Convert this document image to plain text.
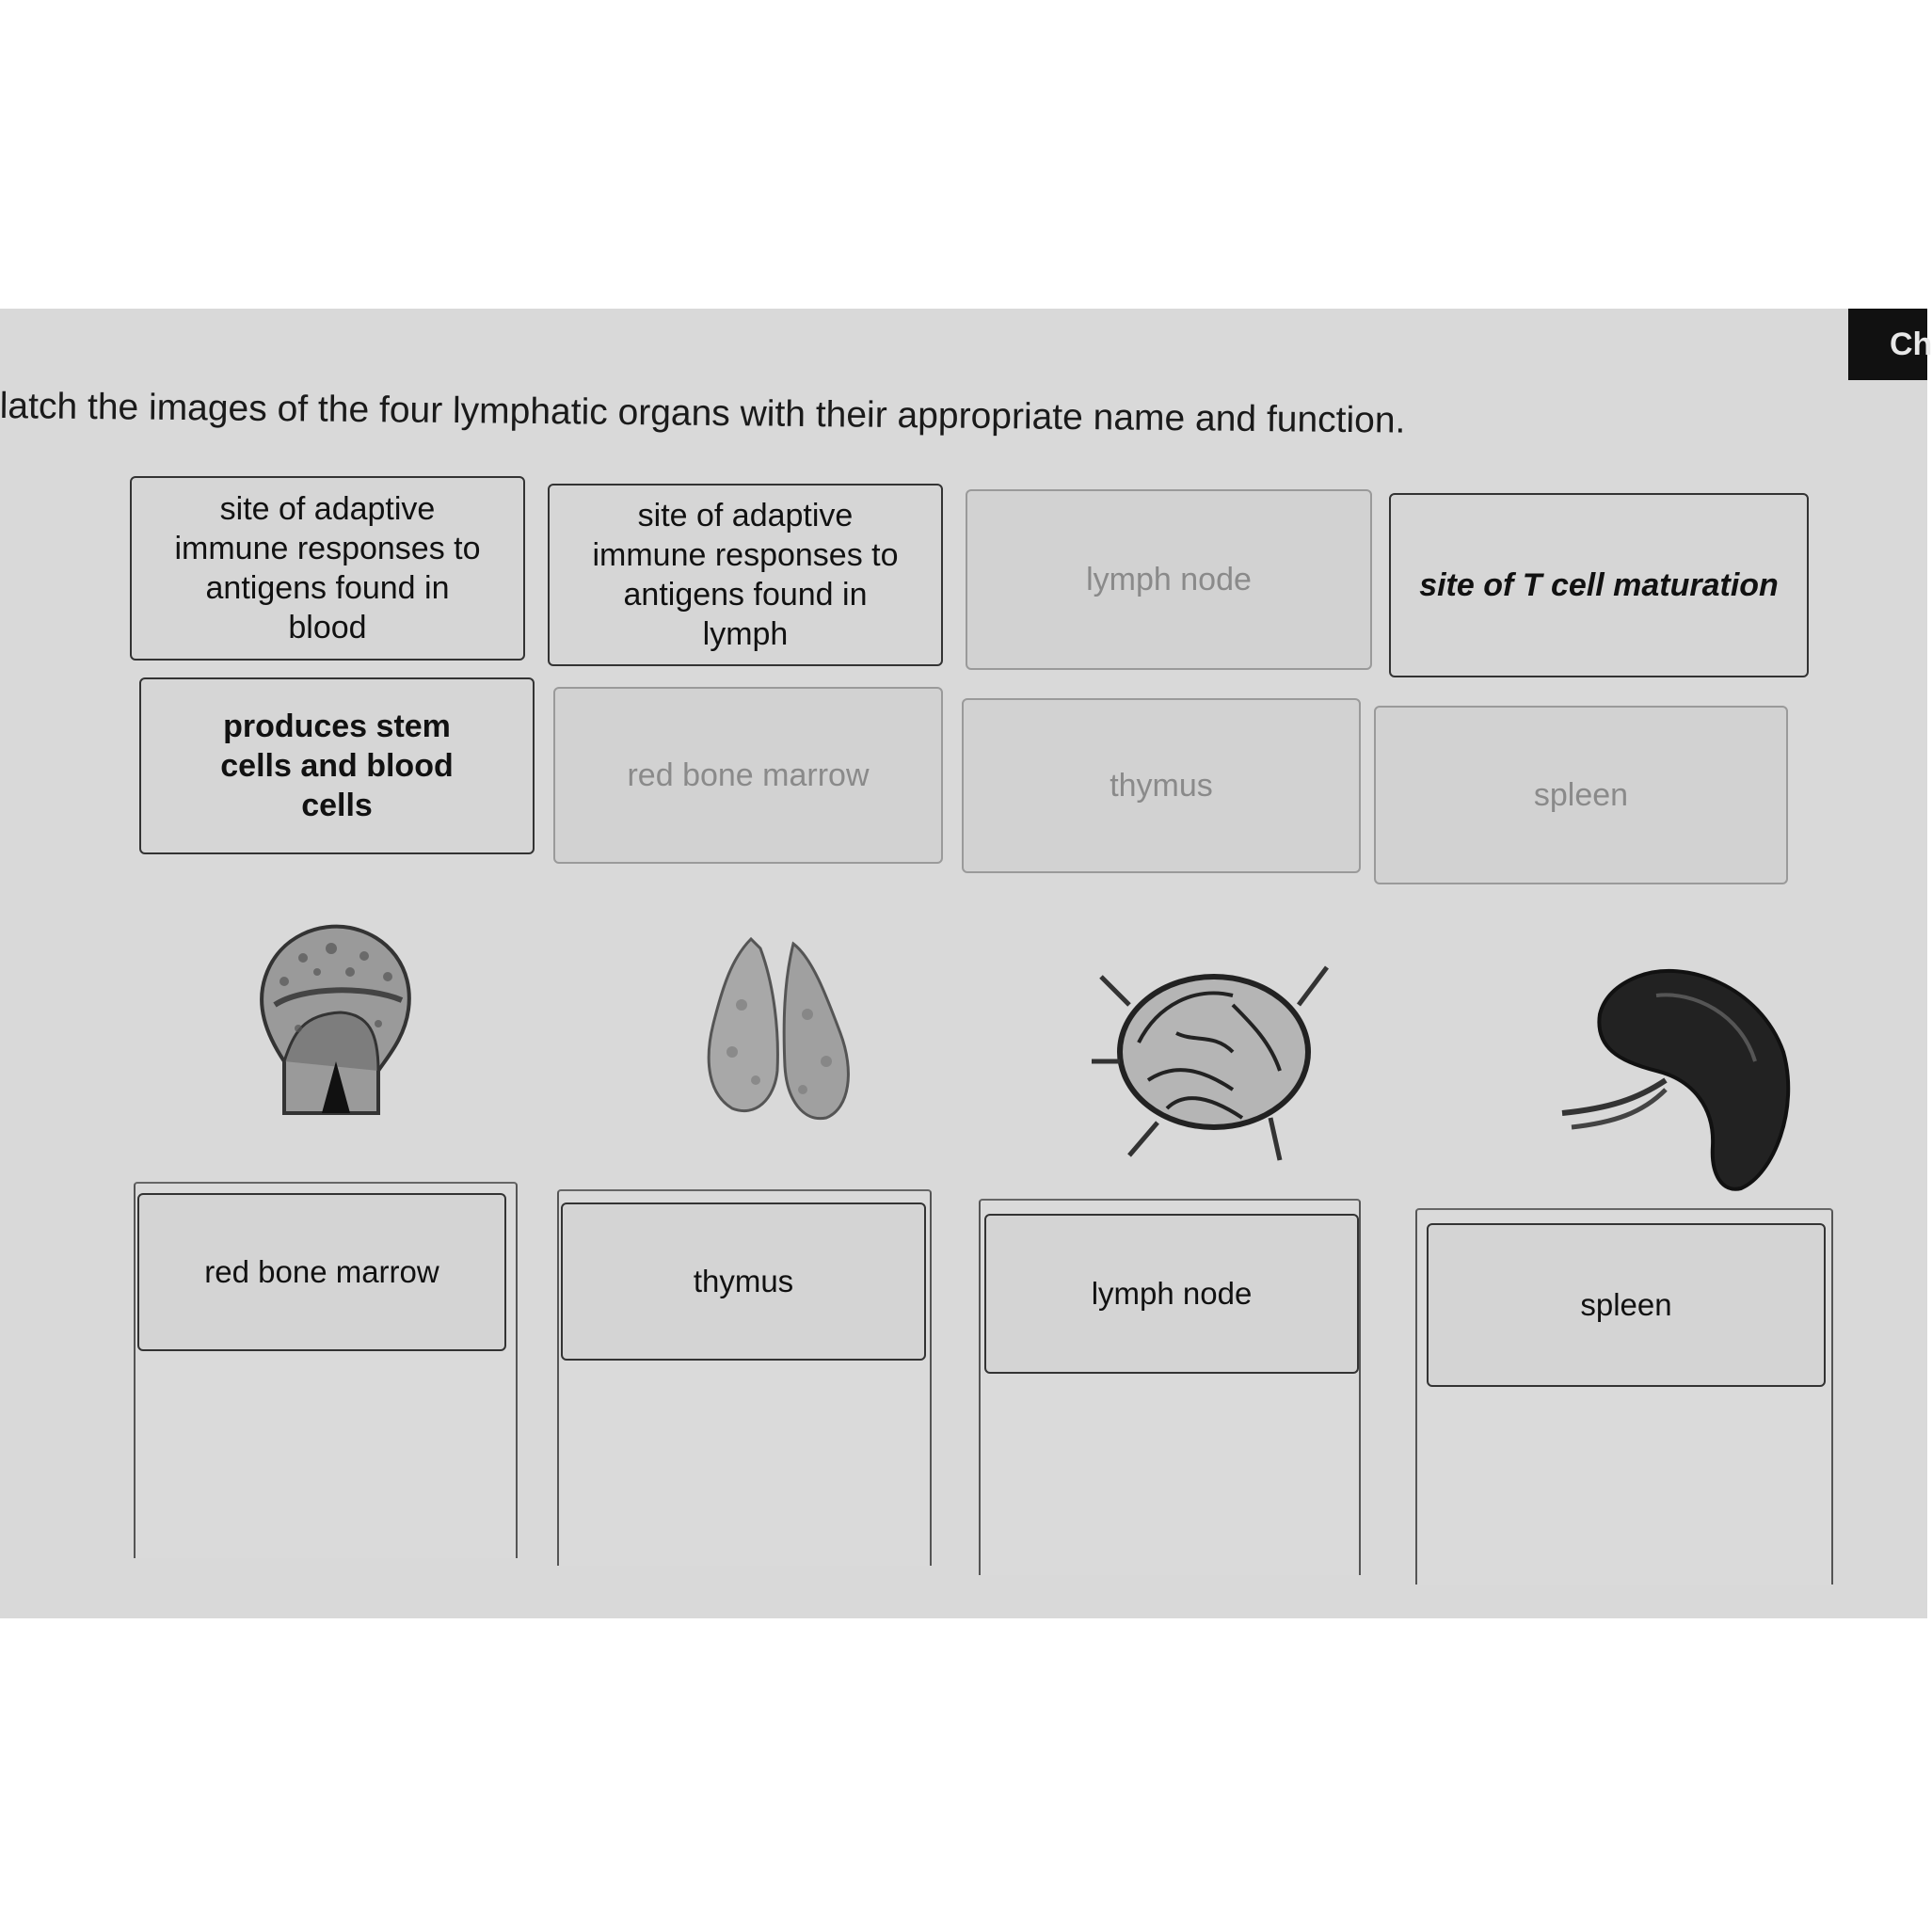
Ch
latch the images of the four lymphatic organs with their appropriate name and function.
site of adaptive immune responses to antigens found in blood
site of adaptive immune responses to antigens found in lymph
lymph node	site of T cell maturation
produces stem cells and blood cells
red bone marrow	thymus	spleen
red bone marrow	thymus	lymph node	spleen
